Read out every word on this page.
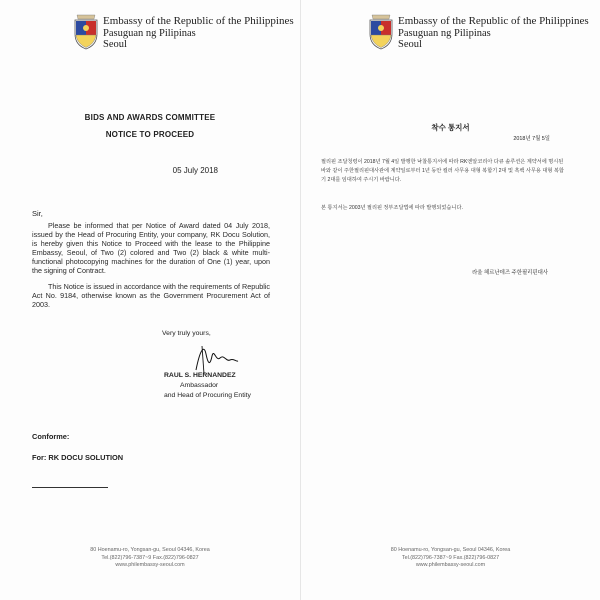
Embassy of the Republic of the Philippines
Pasuguan ng Pilipinas
Seoul
BIDS AND AWARDS COMMITTEE
NOTICE TO PROCEED
05 July 2018
Sir,
Please be informed that per Notice of Award dated 04 July 2018, issued by the Head of Procuring Entity, your company, RK Docu Solution, is hereby given this Notice to Proceed with the lease to the Philippine Embassy, Seoul, of Two (2) colored and Two (2) black & white multi-functional photocopying machines for the duration of One (1) year, upon the signing of Contract.
This Notice is issued in accordance with the requirements of Republic Act No. 9184, otherwise known as the Government Procurement Act of 2003.
Very truly yours,
RAUL S. HERNANDEZ
Ambassador
and Head of Procuring Entity
Conforme:
For: RK DOCU SOLUTION
80 Hoenamu-ro, Yongsan-gu, Seoul 04346, Korea
Tel.(822)796-7387~9 Fax.(822)796-0827
www.philembassy-seoul.com
Embassy of the Republic of the Philippines
Pasuguan ng Pilipinas
Seoul
착수 통지서
2018년 7월 5일
필리핀 조달청령이 2018년 7월 4일 발행한 낙찰통지서에 따라 RK엔알코리아 다큐 솔루션은 계약서에 명시된 바와 같이 주한필리핀대사관에 계약일로부터 1년 동안 컬러 사무용 대형 복합기 2대 및 흑백 사무용 대형 복합기 2대를 임대하여 주시기 바랍니다.
본 통지서는 2003년 필리핀 정부조달법에 따라 발행되었습니다.
라울 헤르난데즈 주한필리핀대사
80 Hoenamu-ro, Yongsan-gu, Seoul 04346, Korea
Tel.(822)796-7387~9 Fax.(822)796-0827
www.philembassy-seoul.com
